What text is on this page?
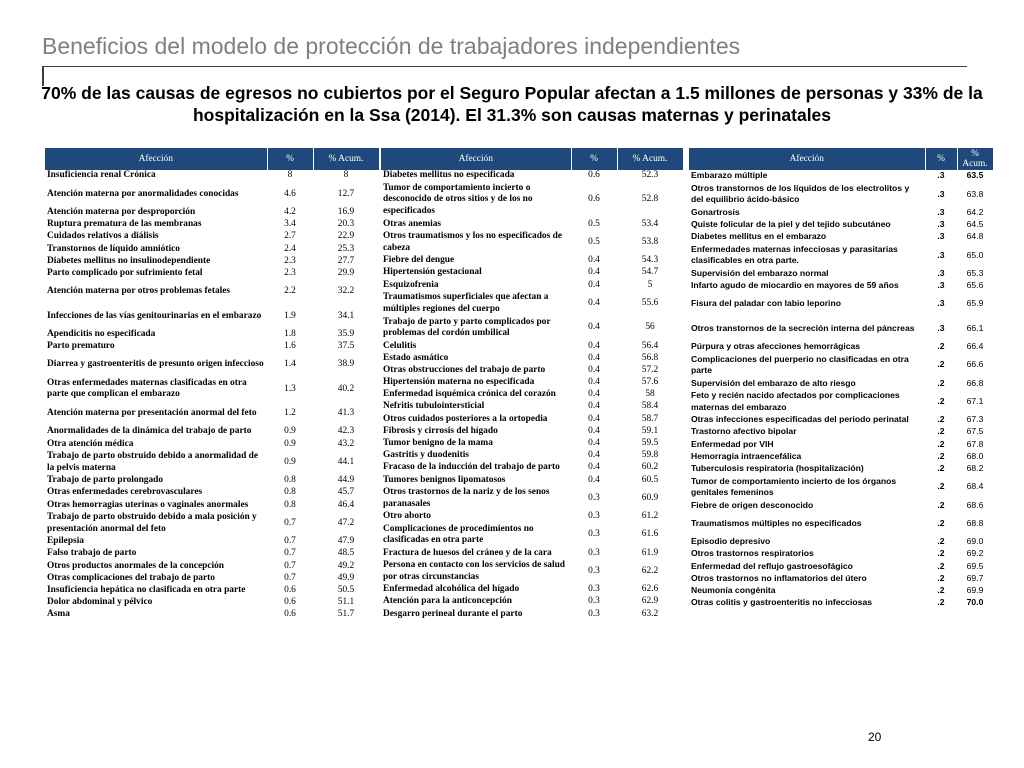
Beneficios del modelo de protección de trabajadores independientes
70% de las causas de egresos no cubiertos por el Seguro Popular afectan a 1.5 millones de personas y 33% de la hospitalización en la Ssa (2014). El 31.3% son causas maternas y perinatales
Afección	%	% Acum.
Insuficiencia renal Crónica	8	8
Atención materna por anormalidades conocidas	4.6	12.7
Atención materna por desproporción	4.2	16.9
Ruptura prematura de las membranas	3.4	20.3
Cuidados relativos a diálisis	2.7	22.9
Transtornos de líquido amniótico	2.4	25.3
Diabetes mellitus no insulinodependiente	2.3	27.7
Parto complicado por sufrimiento fetal	2.3	29.9
Atención materna por otros problemas fetales	2.2	32.2
Infecciones de las vías genitourinarias en el embarazo	1.9	34.1
Apendicitis no especificada	1.8	35.9
Parto prematuro	1.6	37.5
Diarrea y gastroenteritis de presunto origen infeccioso	1.4	38.9
Otras enfermedades maternas clasificadas en otra parte que complican el embarazo	1.3	40.2
Atención materna por presentación anormal del feto	1.2	41.3
Anormalidades de la dinámica del trabajo de parto	0.9	42.3
Otra atención médica	0.9	43.2
Trabajo de parto obstruido debido a anormalidad de la pelvis materna	0.9	44.1
Trabajo de parto prolongado	0.8	44.9
Otras enfermedades cerebrovasculares	0.8	45.7
Otras hemorragias uterinas o vaginales anormales	0.8	46.4
Trabajo de parto obstruido debido a mala posición y presentación anormal del feto	0.7	47.2
Epilepsia	0.7	47.9
Falso trabajo de parto	0.7	48.5
Otros productos anormales de la concepción	0.7	49.2
Otras complicaciones del trabajo de parto	0.7	49.9
Insuficiencia hepática no clasificada en otra parte	0.6	50.5
Dolor abdominal y pélvico	0.6	51.1
Asma	0.6	51.7
Afección	%	% Acum.
Diabetes mellitus no especificada	0.6	52.3
Tumor de comportamiento incierto o desconocido de otros sitios y de los no especificados	0.6	52.8
Otras anemias	0.5	53.4
Otros traumatismos y los no especificados de cabeza	0.5	53.8
Fiebre del dengue	0.4	54.3
Hipertensión gestacional	0.4	54.7
Esquizofrenia	0.4	5
Traumatismos superficiales que afectan a múltiples regiones del cuerpo	0.4	55.6
Trabajo de parto y parto complicados por problemas del cordón umbilical	0.4	56
Celulitis	0.4	56.4
Estado asmático	0.4	56.8
Otras obstrucciones del trabajo de parto	0.4	57.2
Hipertensión materna no especificada	0.4	57.6
Enfermedad isquémica crónica del corazón	0.4	58
Nefritis tubulointersticial	0.4	58.4
Otros cuidados posteriores a la ortopedia	0.4	58.7
Fibrosis y cirrosis del hígado	0.4	59.1
Tumor benigno de la mama	0.4	59.5
Gastritis y duodenitis	0.4	59.8
Fracaso de la inducción del trabajo de parto	0.4	60.2
Tumores benignos lipomatosos	0.4	60.5
Otros trastornos de la nariz y de los senos paranasales	0.3	60.9
Otro aborto	0.3	61.2
Complicaciones de procedimientos no clasificadas en otra parte	0.3	61.6
Fractura de huesos del cráneo y de la cara	0.3	61.9
Persona en contacto con los servicios de salud por otras circunstancias	0.3	62.2
Enfermedad alcohólica del hígado	0.3	62.6
Atención para la anticoncepción	0.3	62.9
Desgarro perineal durante el parto	0.3	63.2
Afección	%	% Acum.
Embarazo múltiple	.3	63.5
Otros transtornos de los líquidos de los electrolitos y del equilibrio ácido-básico	.3	63.8
Gonartrosis	.3	64.2
Quiste folicular de la piel y del tejido subcutáneo	.3	64.5
Diabetes mellitus en el embarazo	.3	64.8
Enfermedades maternas infecciosas y parasitarias clasificables en otra parte.	.3	65.0
Supervisión del embarazo normal	.3	65.3
Infarto agudo de miocardio en mayores de 59 años	.3	65.6
Fisura del paladar con labio leporino	.3	65.9
Otros transtornos de la secreción interna del páncreas	.3	66.1
Púrpura y otras afecciones hemorrágicas	.2	66.4
Complicaciones del puerperio no clasificadas en otra parte	.2	66.6
Supervisión del embarazo de alto riesgo	.2	66.8
Feto y recién nacido afectados por complicaciones maternas del embarazo	.2	67.1
Otras infecciones especificadas del periodo perinatal	.2	67.3
Trastorno afectivo bipolar	.2	67.5
Enfermedad por VIH	.2	67.8
Hemorragia intraencefálica	.2	68.0
Tuberculosis respiratoria (hospitalización)	.2	68.2
Tumor de comportamiento incierto de los órganos genitales femeninos	.2	68.4
Fiebre de origen desconocido	.2	68.6
Traumatismos múltiples no especificados	.2	68.8
Episodio depresivo	.2	69.0
Otros trastornos respiratorios	.2	69.2
Enfermedad del reflujo gastroesofágico	.2	69.5
Otros trastornos no inflamatorios del útero	.2	69.7
Neumonía congénita	.2	69.9
Otras colitis y gastroenteritis no infecciosas	.2	70.0
20
